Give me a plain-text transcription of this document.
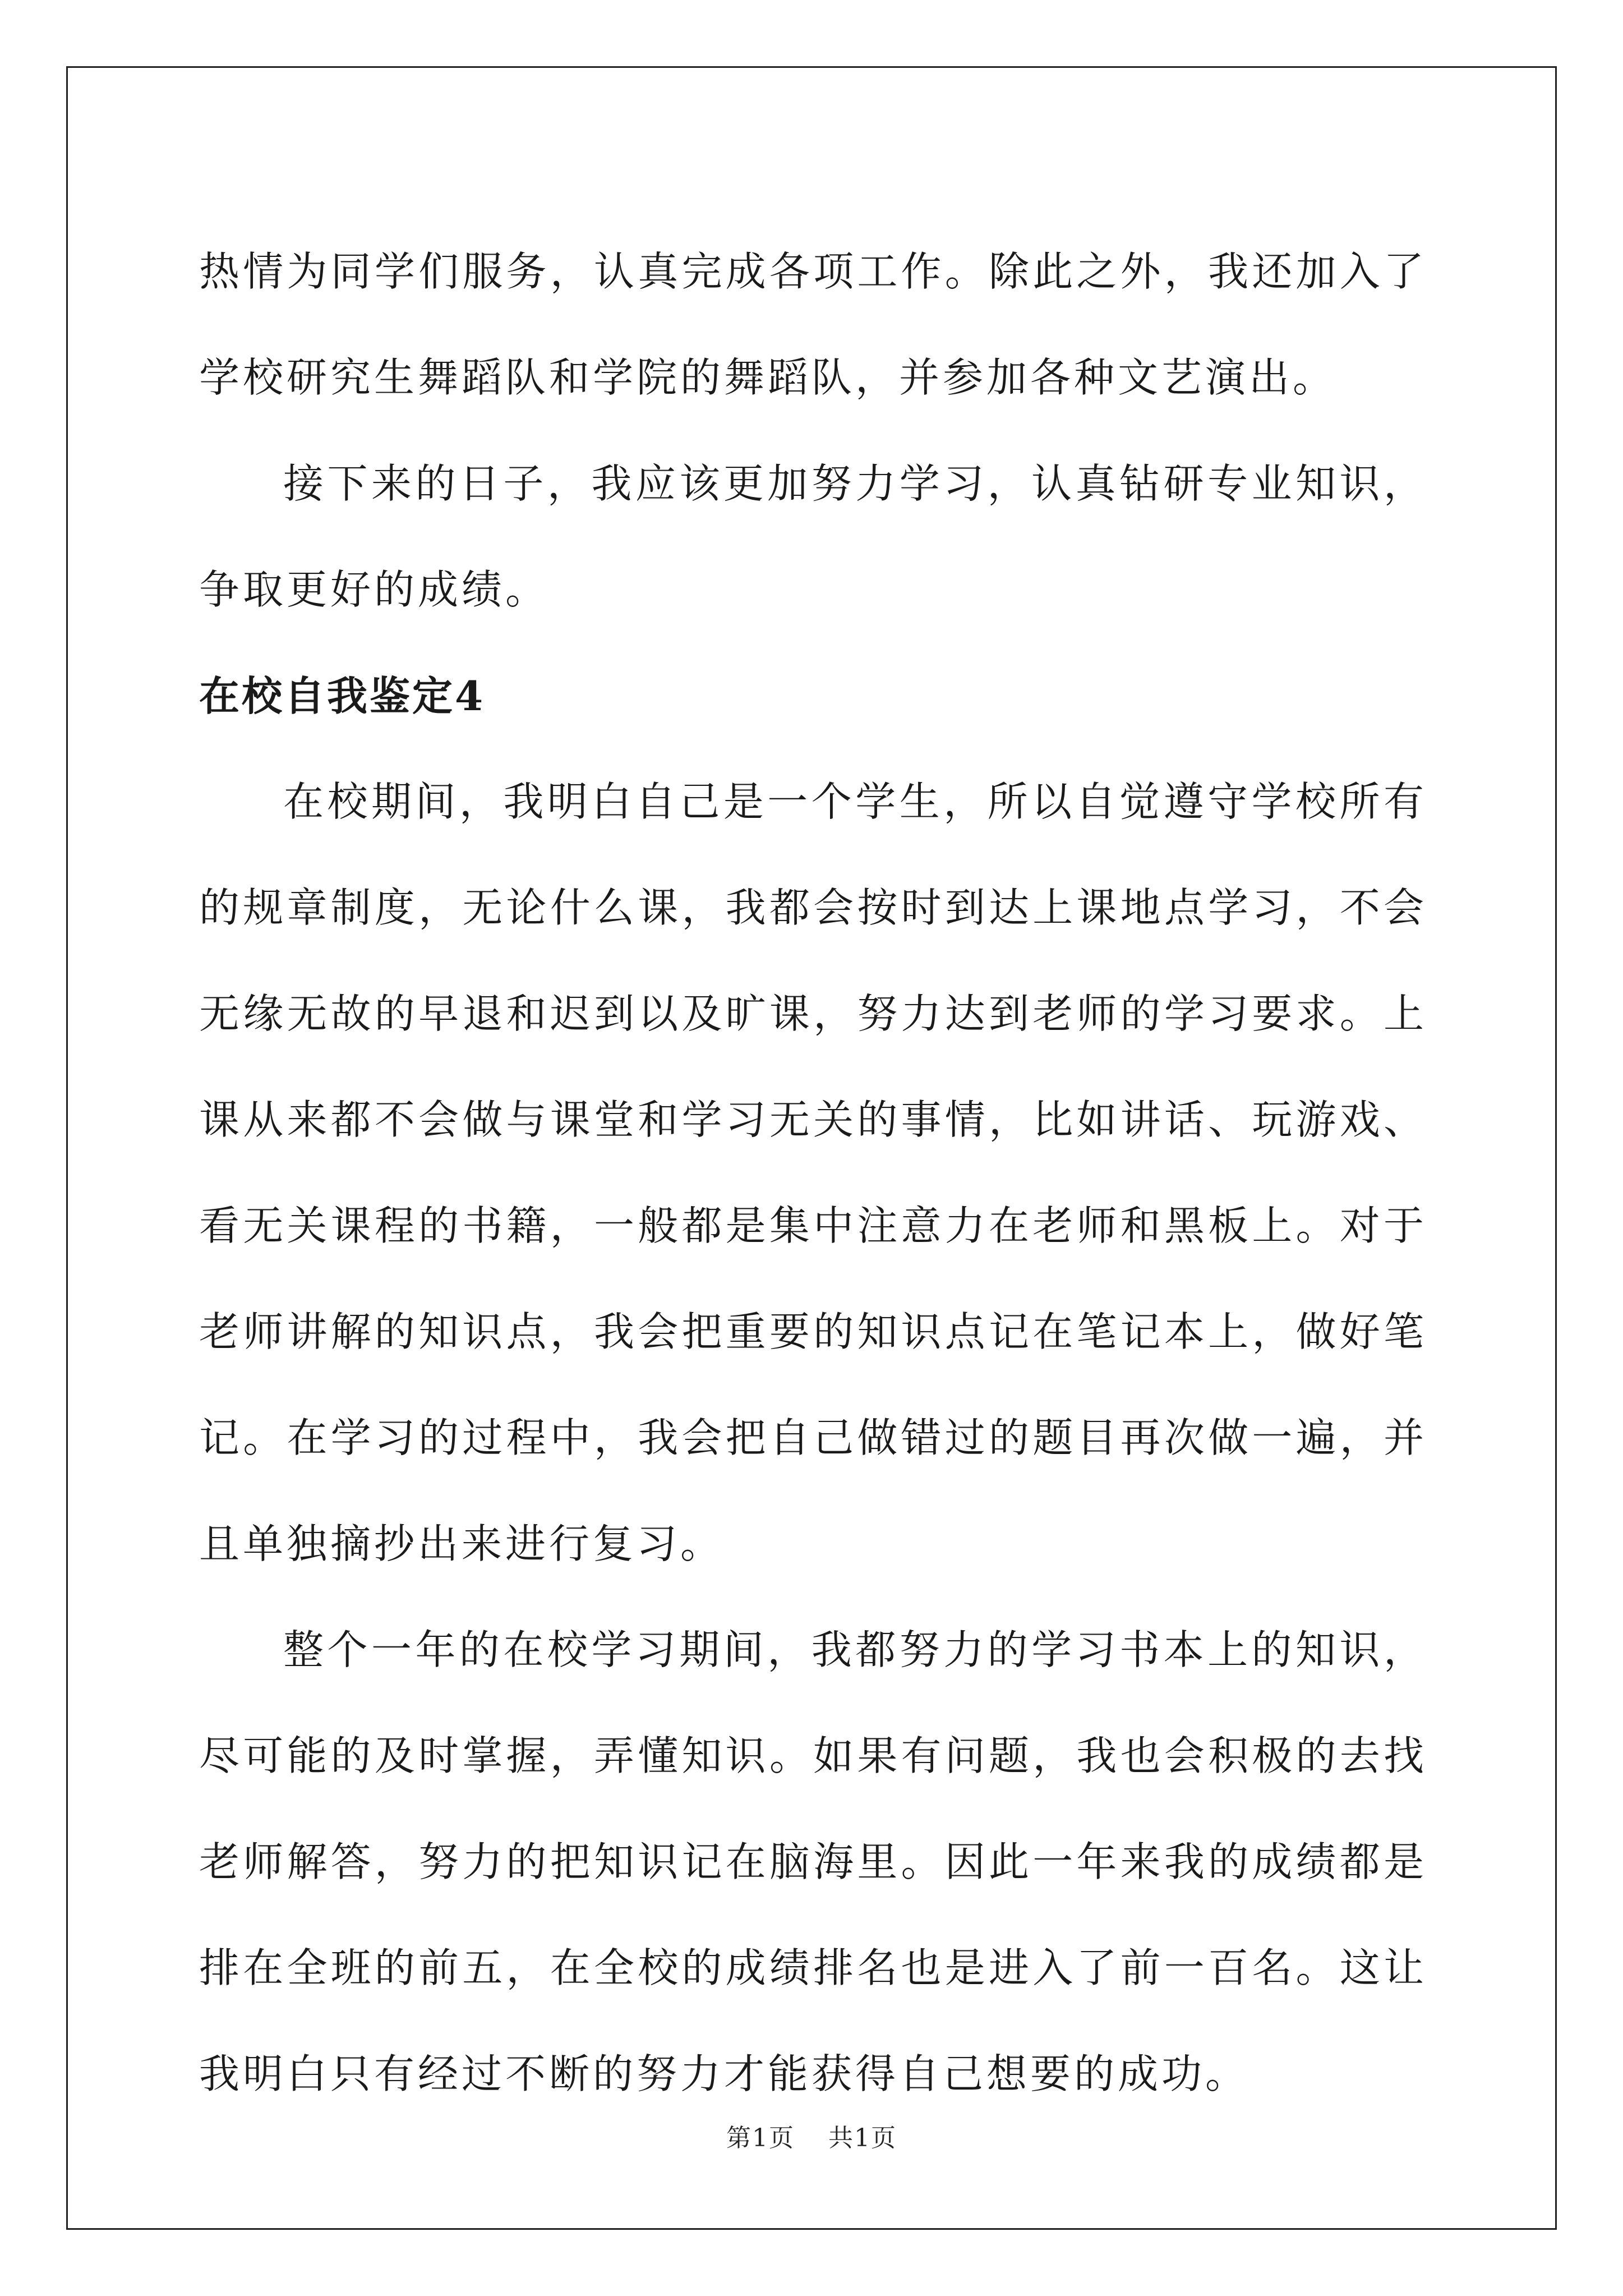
热情为同学们服务，认真完成各项工作。除此之外，我还加入了学校研究生舞蹈队和学院的舞蹈队，并参加各种文艺演出。

接下来的日子，我应该更加努力学习，认真钻研专业知识，争取更好的成绩。

在校自我鉴定4

在校期间，我明白自己是一个学生，所以自觉遵守学校所有的规章制度，无论什么课，我都会按时到达上课地点学习，不会无缘无故的早退和迟到以及旷课，努力达到老师的学习要求。上课从来都不会做与课堂和学习无关的事情，比如讲话、玩游戏、看无关课程的书籍，一般都是集中注意力在老师和黑板上。对于老师讲解的知识点，我会把重要的知识点记在笔记本上，做好笔记。在学习的过程中，我会把自己做错过的题目再次做一遍，并且单独摘抄出来进行复习。

整个一年的在校学习期间，我都努力的学习书本上的知识，尽可能的及时掌握，弄懂知识。如果有问题，我也会积极的去找老师解答，努力的把知识记在脑海里。因此一年来我的成绩都是排在全班的前五，在全校的成绩排名也是进入了前一百名。这让我明白只有经过不断的努力才能获得自己想要的成功。

第1页 共1页
